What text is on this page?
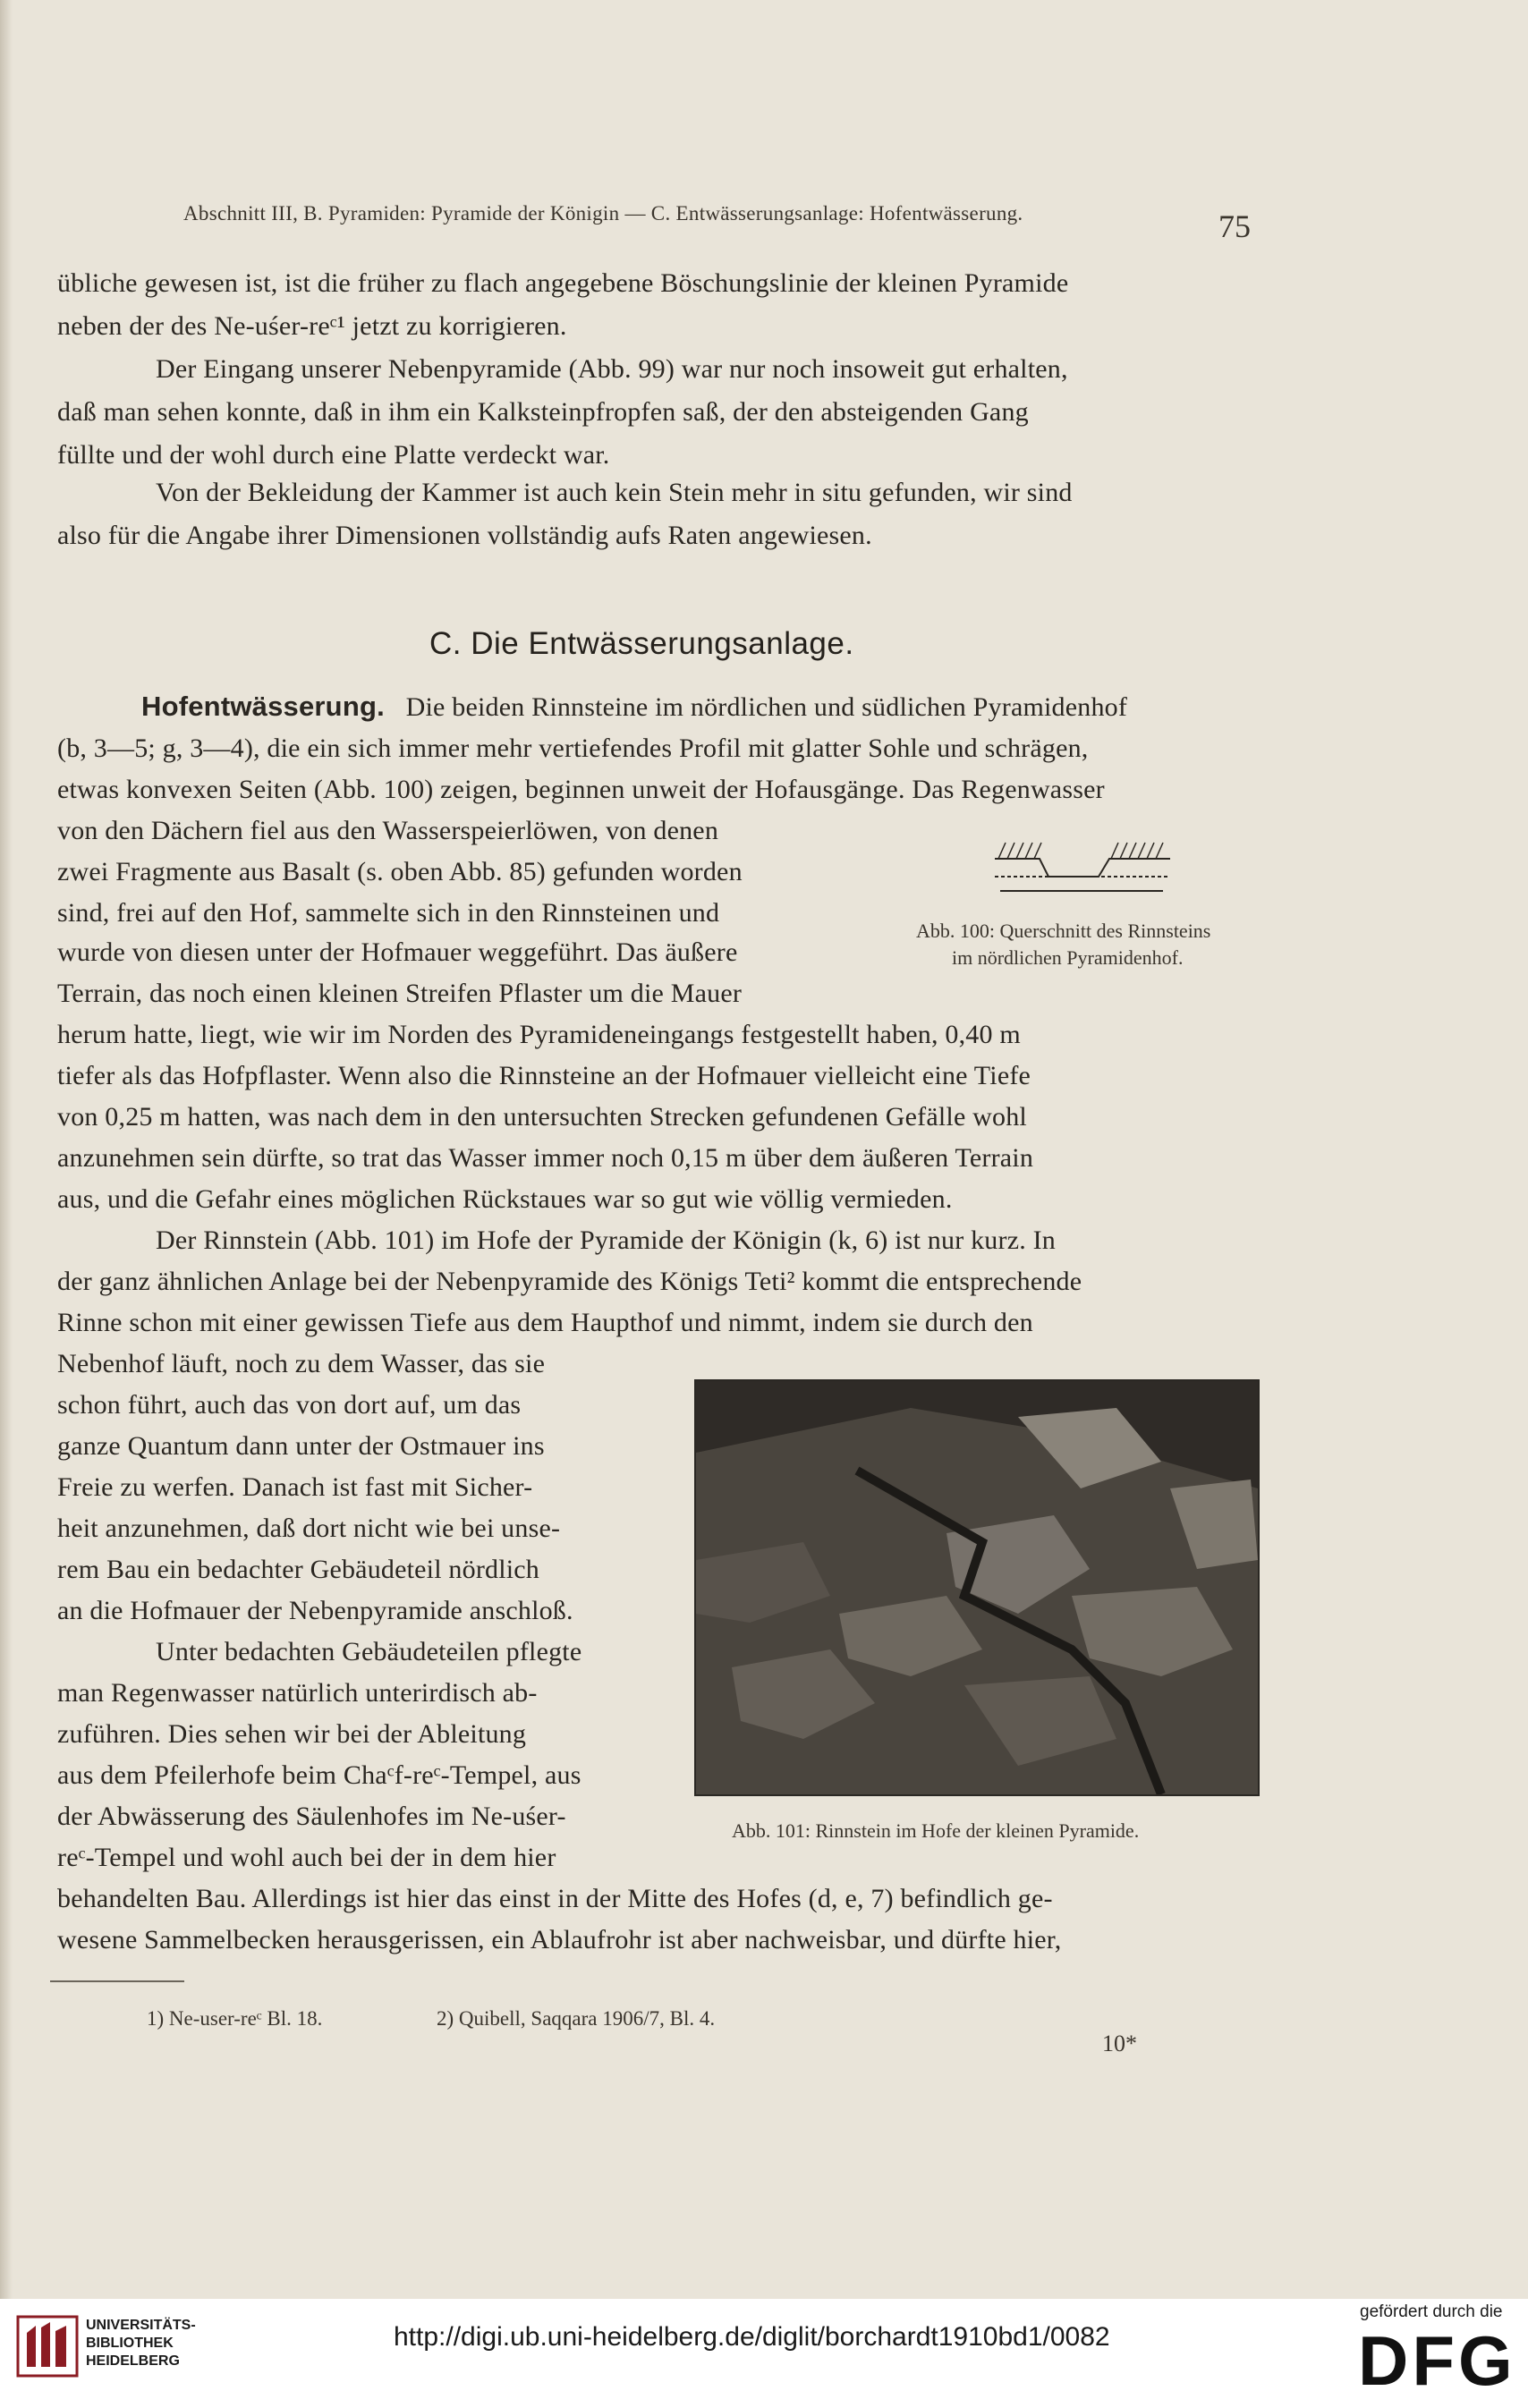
Abschnitt III, B. Pyramiden: Pyramide der Königin — C. Entwässerungsanlage: Hofentwässerung.	75
übliche gewesen ist, ist die früher zu flach angegebene Böschungslinie der kleinen Pyramide
neben der des Ne-uśer-reᶜ¹ jetzt zu korrigieren.
Der Eingang unserer Nebenpyramide (Abb. 99) war nur noch insoweit gut erhalten,
daß man sehen konnte, daß in ihm ein Kalksteinpfropfen saß, der den absteigenden Gang
füllte und der wohl durch eine Platte verdeckt war.
Von der Bekleidung der Kammer ist auch kein Stein mehr in situ gefunden, wir sind
also für die Angabe ihrer Dimensionen vollständig aufs Raten angewiesen.
C. Die Entwässerungsanlage.
Hofentwässerung. Die beiden Rinnsteine im nördlichen und südlichen Pyramidenhof
(b, 3—5; g, 3—4), die ein sich immer mehr vertiefendes Profil mit glatter Sohle und schrägen,
etwas konvexen Seiten (Abb. 100) zeigen, beginnen unweit der Hofausgänge. Das Regenwasser
von den Dächern fiel aus den Wasserspeierlöwen, von denen
zwei Fragmente aus Basalt (s. oben Abb. 85) gefunden worden
sind, frei auf den Hof, sammelte sich in den Rinnsteinen und
wurde von diesen unter der Hofmauer weggeführt. Das äußere
Terrain, das noch einen kleinen Streifen Pflaster um die Mauer
herum hatte, liegt, wie wir im Norden des Pyramideneingangs festgestellt haben, 0,40 m
tiefer als das Hofpflaster. Wenn also die Rinnsteine an der Hofmauer vielleicht eine Tiefe
von 0,25 m hatten, was nach dem in den untersuchten Strecken gefundenen Gefälle wohl
anzunehmen sein dürfte, so trat das Wasser immer noch 0,15 m über dem äußeren Terrain
aus, und die Gefahr eines möglichen Rückstaues war so gut wie völlig vermieden.
Der Rinnstein (Abb. 101) im Hofe der Pyramide der Königin (k, 6) ist nur kurz. In
der ganz ähnlichen Anlage bei der Nebenpyramide des Königs Teti² kommt die entsprechende
Rinne schon mit einer gewissen Tiefe aus dem Haupthof und nimmt, indem sie durch den
Nebenhof läuft, noch zu dem Wasser, das sie
schon führt, auch das von dort auf, um das
ganze Quantum dann unter der Ostmauer ins
Freie zu werfen. Danach ist fast mit Sicher-
heit anzunehmen, daß dort nicht wie bei unse-
rem Bau ein bedachter Gebäudeteil nördlich
an die Hofmauer der Nebenpyramide anschloß.
Unter bedachten Gebäudeteilen pflegte
man Regenwasser natürlich unterirdisch ab-
zuführen. Dies sehen wir bei der Ableitung
aus dem Pfeilerhofe beim Chaᶜf-reᶜ-Tempel, aus
der Abwässerung des Säulenhofes im Ne-uśer-
reᶜ-Tempel und wohl auch bei der in dem hier
behandelten Bau. Allerdings ist hier das einst in der Mitte des Hofes (d, e, 7) befindlich ge-
wesene Sammelbecken herausgerissen, ein Ablaufrohr ist aber nachweisbar, und dürfte hier,
Abb. 100: Querschnitt des Rinnsteins
im nördlichen Pyramidenhof.
Abb. 101: Rinnstein im Hofe der kleinen Pyramide.
1) Ne-user-reᶜ Bl. 18.	2) Quibell, Saqqara 1906/7, Bl. 4.
10*
UNIVERSITÄTS-
BIBLIOTHEK
HEIDELBERG
http://digi.ub.uni-heidelberg.de/diglit/borchardt1910bd1/0082
gefördert durch die
DFG
